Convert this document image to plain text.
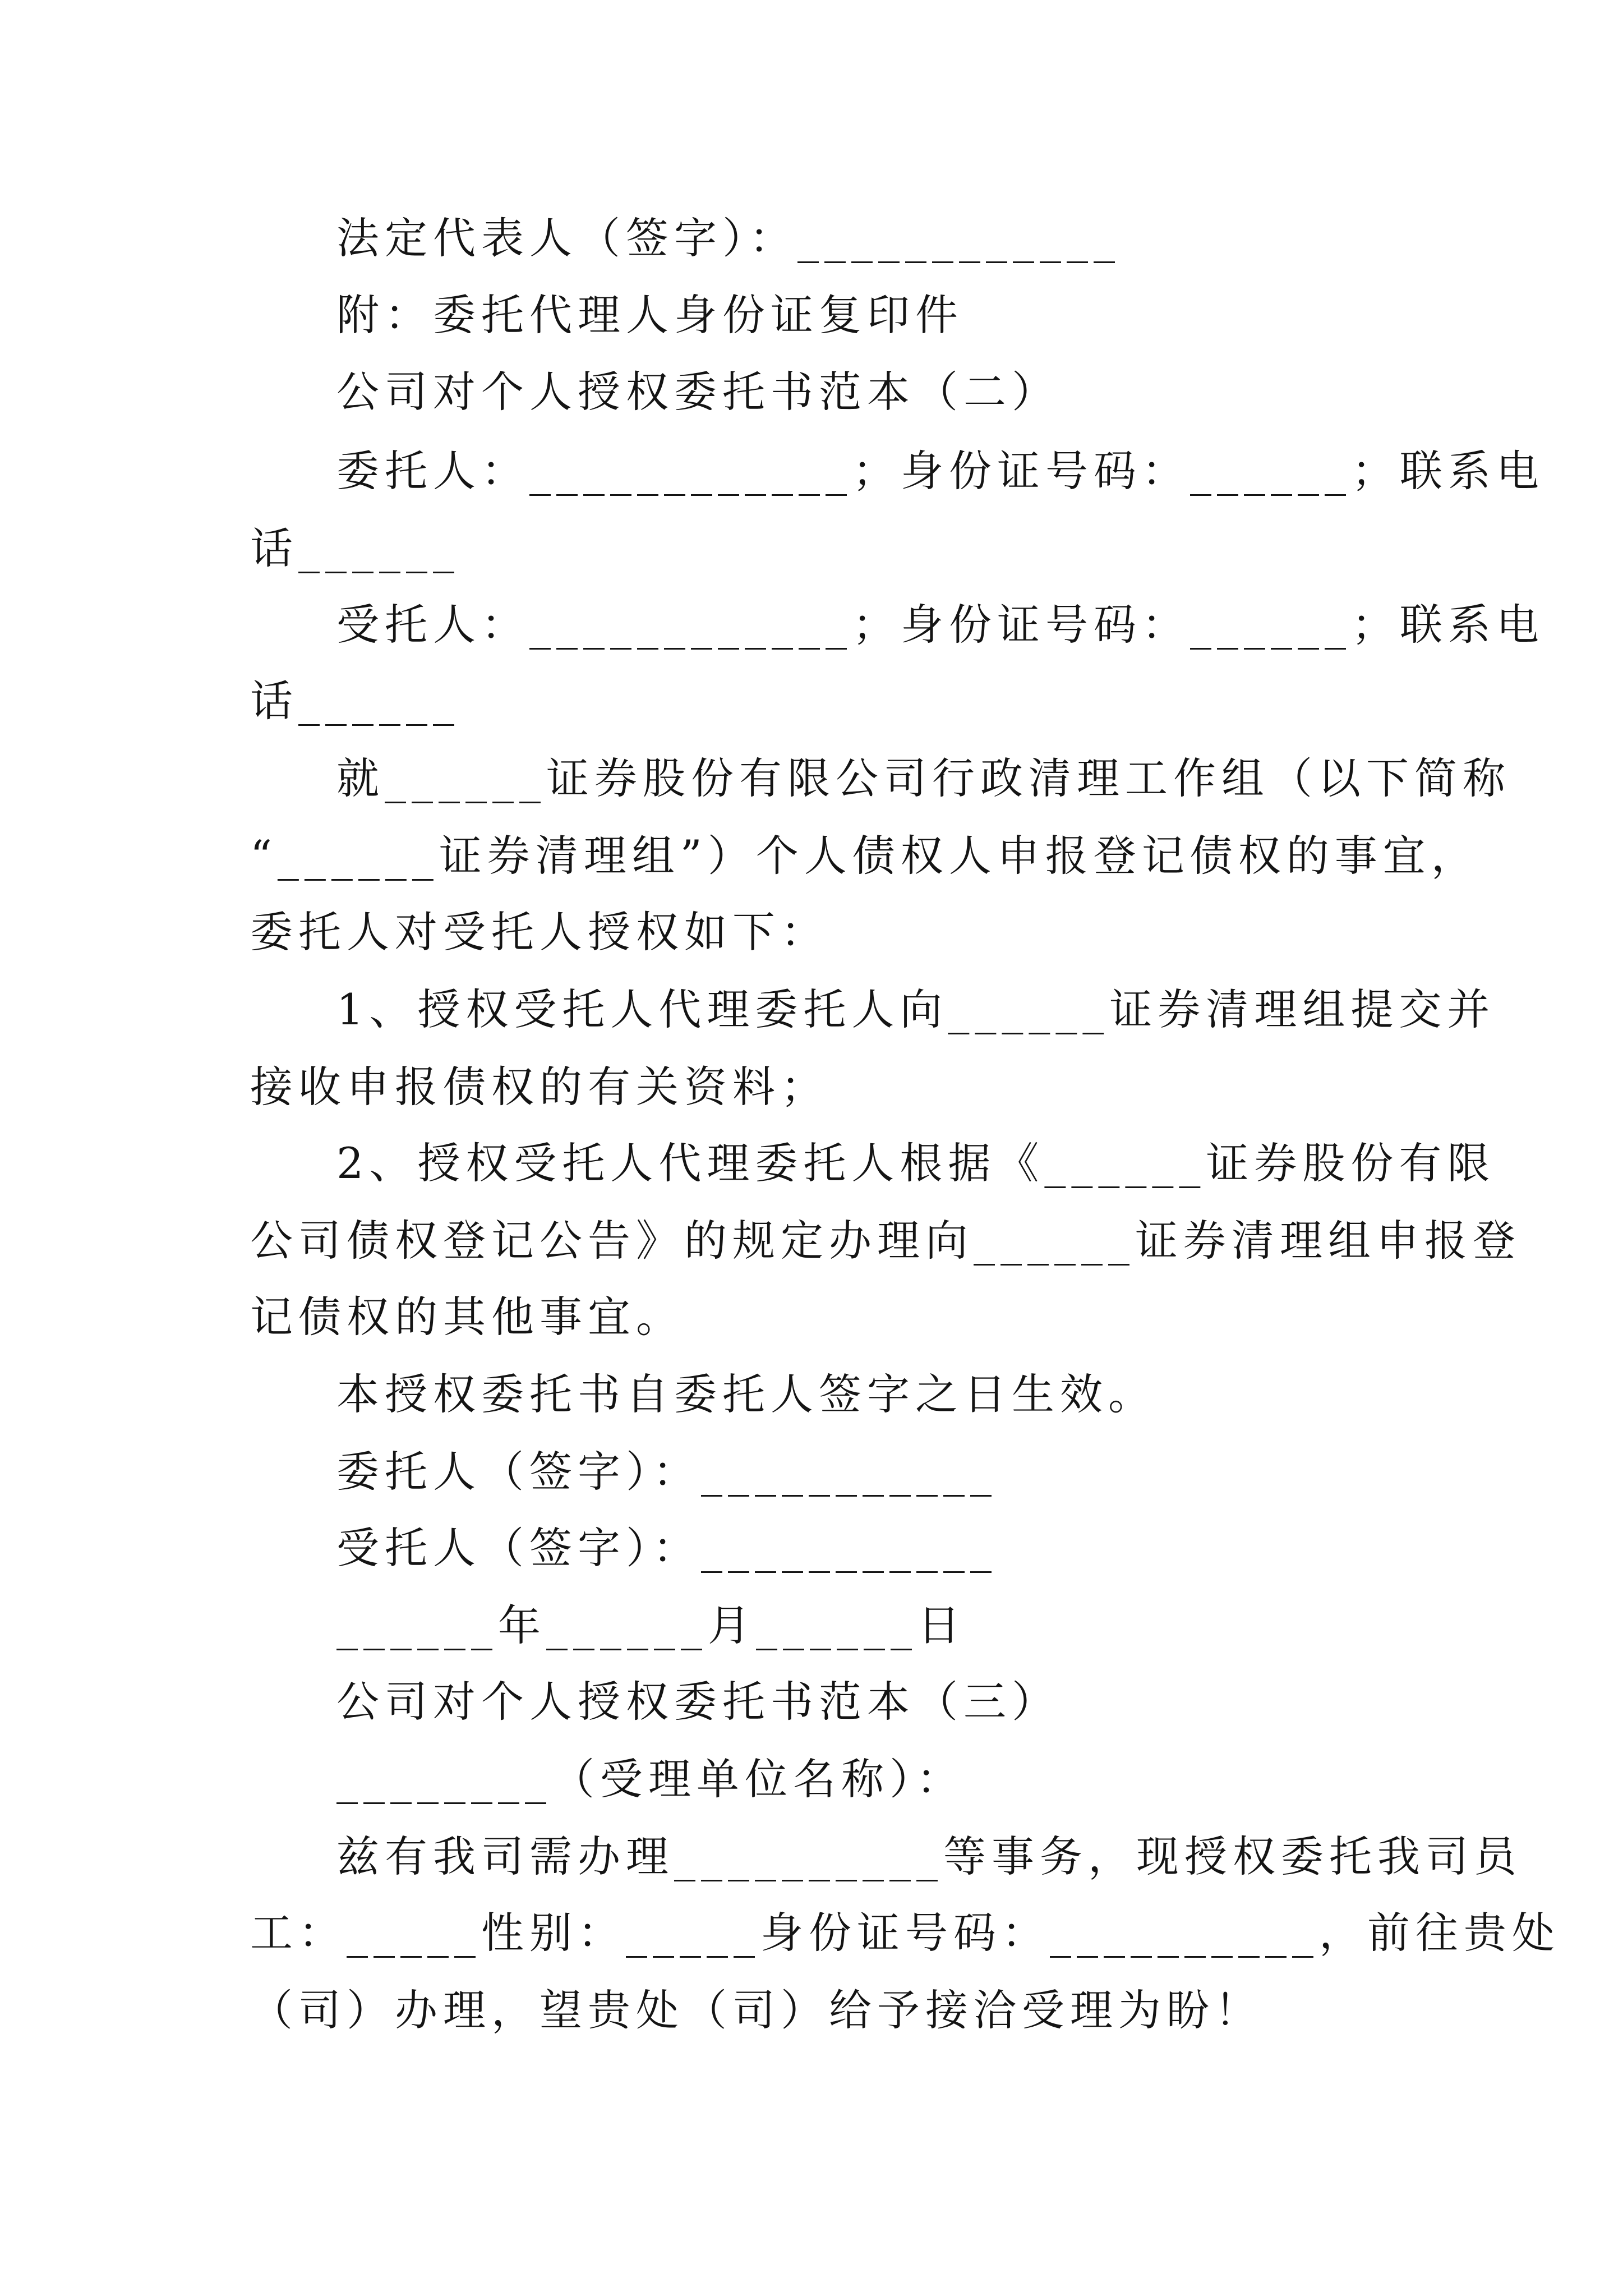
法定代表人（签字）：____________
附：委托代理人身份证复印件
公司对个人授权委托书范本（二）
委托人：____________；身份证号码：______；联系电
话______
受托人：____________；身份证号码：______；联系电
话______
就______证券股份有限公司行政清理工作组（以下简称
“______证券清理组”）个人债权人申报登记债权的事宜，
委托人对受托人授权如下：
1、授权受托人代理委托人向______证券清理组提交并
接收申报债权的有关资料；
2、授权受托人代理委托人根据《______证券股份有限
公司债权登记公告》的规定办理向______证券清理组申报登
记债权的其他事宜。
本授权委托书自委托人签字之日生效。
委托人（签字）：___________
受托人（签字）：___________
______年______月______日
公司对个人授权委托书范本（三）
________（受理单位名称）：
兹有我司需办理__________等事务，现授权委托我司员
工：_____性别：_____身份证号码：__________，前往贵处
（司）办理，望贵处（司）给予接洽受理为盼！
